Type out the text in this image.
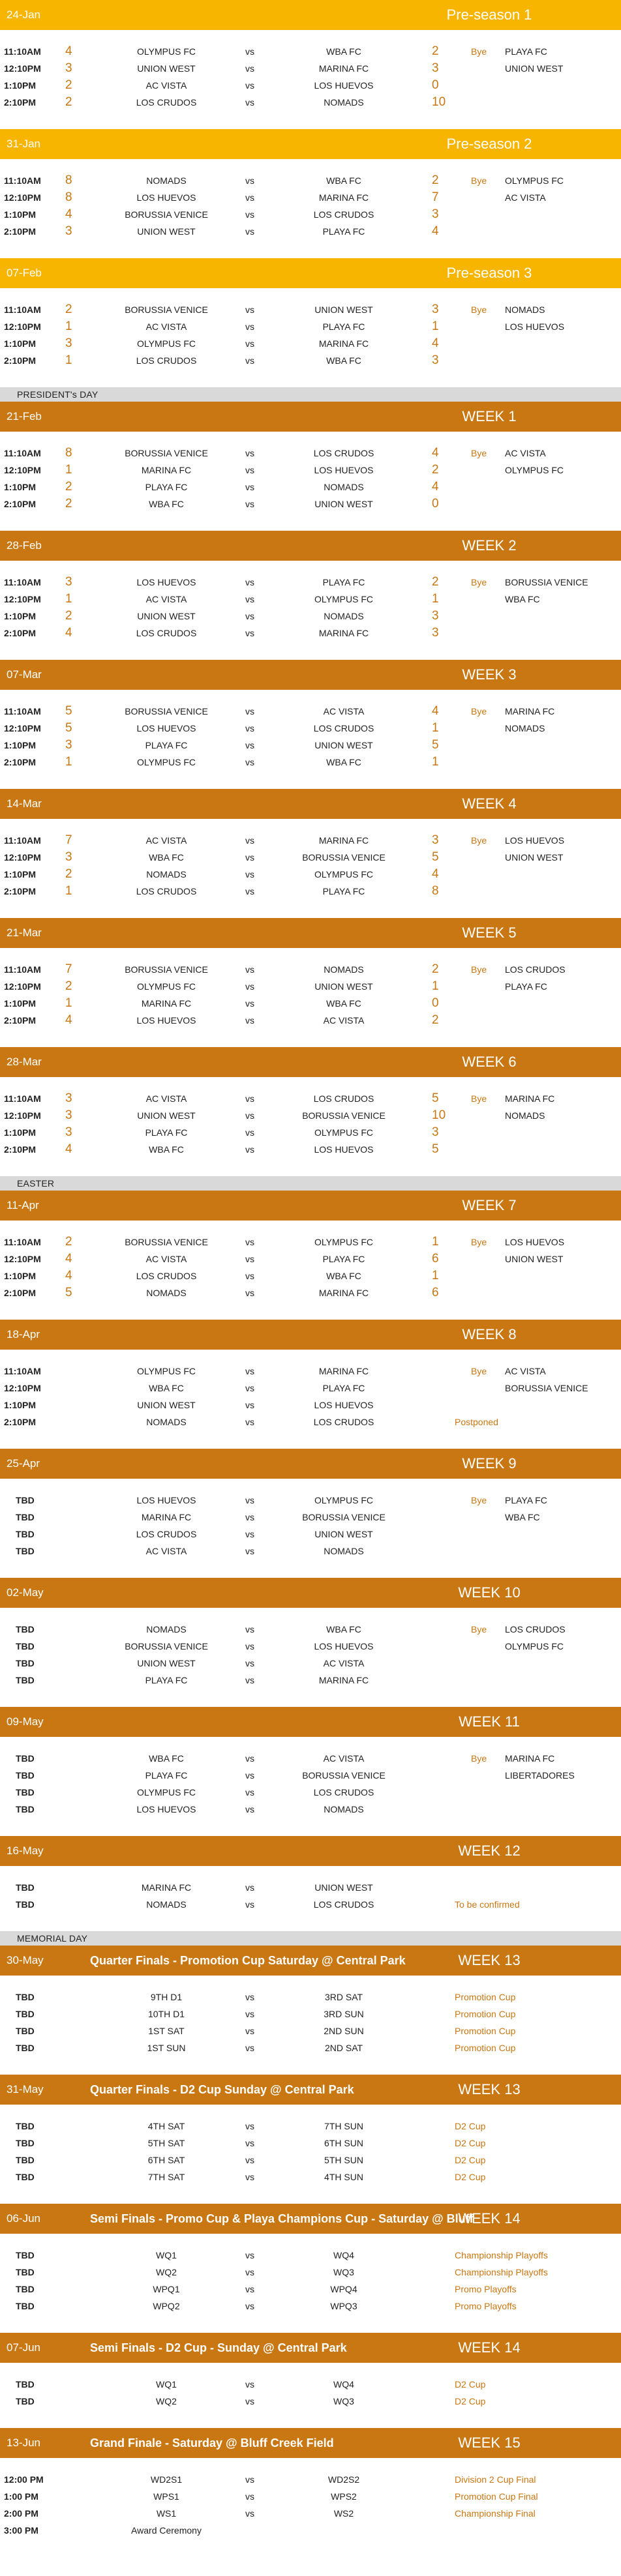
24-Jan	Pre-season 1
11:10AM	4	OLYMPUS FC	vs	WBA FC	2	Bye PLAYA FC
12:10PM	3	UNION WEST	vs	MARINA FC	3	UNION WEST
1:10PM	2	AC VISTA	vs	LOS HUEVOS	0
2:10PM	2	LOS CRUDOS	vs	NOMADS	10
31-Jan	Pre-season 2
11:10AM	8	NOMADS	vs	WBA FC	2	Bye OLYMPUS FC
12:10PM	8	LOS HUEVOS	vs	MARINA FC	7	AC VISTA
1:10PM	4	BORUSSIA VENICE	vs	LOS CRUDOS	3
2:10PM	3	UNION WEST	vs	PLAYA FC	4
07-Feb	Pre-season 3
11:10AM	2	BORUSSIA VENICE	vs	UNION WEST	3	Bye NOMADS
12:10PM	1	AC VISTA	vs	PLAYA FC	1	LOS HUEVOS
1:10PM	3	OLYMPUS FC	vs	MARINA FC	4
2:10PM	1	LOS CRUDOS	vs	WBA FC	3
PRESIDENT's DAY
21-Feb	WEEK 1
11:10AM	8	BORUSSIA VENICE	vs	LOS CRUDOS	4	Bye AC VISTA
12:10PM	1	MARINA FC	vs	LOS HUEVOS	2	OLYMPUS FC
1:10PM	2	PLAYA FC	vs	NOMADS	4
2:10PM	2	WBA FC	vs	UNION WEST	0
28-Feb	WEEK 2
11:10AM	3	LOS HUEVOS	vs	PLAYA FC	2	Bye BORUSSIA VENICE
12:10PM	1	AC VISTA	vs	OLYMPUS FC	1	WBA FC
1:10PM	2	UNION WEST	vs	NOMADS	3
2:10PM	4	LOS CRUDOS	vs	MARINA FC	3
07-Mar	WEEK 3
11:10AM	5	BORUSSIA VENICE	vs	AC VISTA	4	Bye MARINA FC
12:10PM	5	LOS HUEVOS	vs	LOS CRUDOS	1	NOMADS
1:10PM	3	PLAYA FC	vs	UNION WEST	5
2:10PM	1	OLYMPUS FC	vs	WBA FC	1
14-Mar	WEEK 4
11:10AM	7	AC VISTA	vs	MARINA FC	3	Bye LOS HUEVOS
12:10PM	3	WBA FC	vs	BORUSSIA VENICE	5	UNION WEST
1:10PM	2	NOMADS	vs	OLYMPUS FC	4
2:10PM	1	LOS CRUDOS	vs	PLAYA FC	8
21-Mar	WEEK 5
11:10AM	7	BORUSSIA VENICE	vs	NOMADS	2	Bye LOS CRUDOS
12:10PM	2	OLYMPUS FC	vs	UNION WEST	1	PLAYA FC
1:10PM	1	MARINA FC	vs	WBA FC	0
2:10PM	4	LOS HUEVOS	vs	AC VISTA	2
28-Mar	WEEK 6
11:10AM	3	AC VISTA	vs	LOS CRUDOS	5	Bye MARINA FC
12:10PM	3	UNION WEST	vs	BORUSSIA VENICE	10	NOMADS
1:10PM	3	PLAYA FC	vs	OLYMPUS FC	3
2:10PM	4	WBA FC	vs	LOS HUEVOS	5
EASTER
11-Apr	WEEK 7
11:10AM	2	BORUSSIA VENICE	vs	OLYMPUS FC	1	Bye LOS HUEVOS
12:10PM	4	AC VISTA	vs	PLAYA FC	6	UNION WEST
1:10PM	4	LOS CRUDOS	vs	WBA FC	1
2:10PM	5	NOMADS	vs	MARINA FC	6
18-Apr	WEEK 8
11:10AM	OLYMPUS FC	vs	MARINA FC	Bye AC VISTA
12:10PM	WBA FC	vs	PLAYA FC	BORUSSIA VENICE
1:10PM	UNION WEST	vs	LOS HUEVOS
2:10PM	NOMADS	vs	LOS CRUDOS	Postponed
25-Apr	WEEK 9
TBD	LOS HUEVOS	vs	OLYMPUS FC	Bye PLAYA FC
TBD	MARINA FC	vs	BORUSSIA VENICE	WBA FC
TBD	LOS CRUDOS	vs	UNION WEST
TBD	AC VISTA	vs	NOMADS
02-May	WEEK 10
TBD	NOMADS	vs	WBA FC	Bye LOS CRUDOS
TBD	BORUSSIA VENICE	vs	LOS HUEVOS	OLYMPUS FC
TBD	UNION WEST	vs	AC VISTA
TBD	PLAYA FC	vs	MARINA FC
09-May	WEEK 11
TBD	WBA FC	vs	AC VISTA	Bye MARINA FC
TBD	PLAYA FC	vs	BORUSSIA VENICE	LIBERTADORES
TBD	OLYMPUS FC	vs	LOS CRUDOS
TBD	LOS HUEVOS	vs	NOMADS
16-May	WEEK 12
TBD	MARINA FC	vs	UNION WEST
TBD	NOMADS	vs	LOS CRUDOS	To be confirmed
MEMORIAL DAY
30-May	Quarter Finals - Promotion Cup Saturday @ Central Park	WEEK 13
TBD	9TH D1	vs	3RD SAT	Promotion Cup
TBD	10TH D1	vs	3RD SUN	Promotion Cup
TBD	1ST SAT	vs	2ND SUN	Promotion Cup
TBD	1ST SUN	vs	2ND SAT	Promotion Cup
31-May	Quarter Finals - D2 Cup Sunday @ Central Park	WEEK 13
TBD	4TH SAT	vs	7TH SUN	D2 Cup
TBD	5TH SAT	vs	6TH SUN	D2 Cup
TBD	6TH SAT	vs	5TH SUN	D2 Cup
TBD	7TH SAT	vs	4TH SUN	D2 Cup
06-Jun	Semi Finals - Promo Cup & Playa Champions Cup - Saturday @ Bluff
WEEK 14
TBD	WQ1	vs	WQ4	Championship Playoffs
TBD	WQ2	vs	WQ3	Championship Playoffs
TBD	WPQ1	vs	WPQ4	Promo Playoffs
TBD	WPQ2	vs	WPQ3	Promo Playoffs
07-Jun	Semi Finals - D2 Cup - Sunday @ Central Park	WEEK 14
TBD	WQ1	vs	WQ4	D2 Cup
TBD	WQ2	vs	WQ3	D2 Cup
13-Jun	Grand Finale - Saturday @ Bluff Creek Field	WEEK 15
12:00 PM	WD2S1	vs	WD2S2	Division 2 Cup Final
1:00 PM	WPS1	vs	WPS2	Promotion Cup Final
2:00 PM	WS1	vs	WS2	Championship Final
3:00 PM	Award Ceremony
